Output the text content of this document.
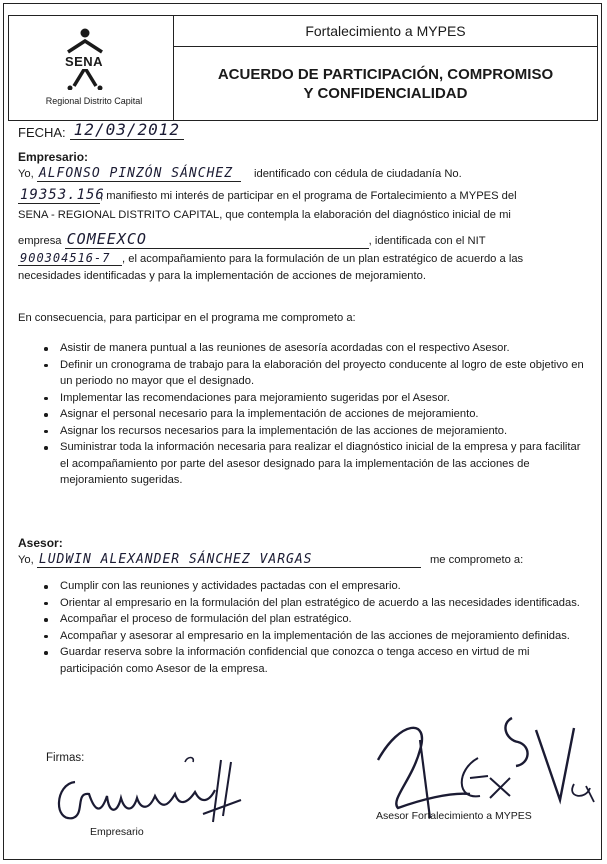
SENA
Regional Distrito Capital
Fortalecimiento a MYPES
ACUERDO DE PARTICIPACIÓN, COMPROMISO
Y CONFIDENCIALIDAD
FECHA: 12/03/2012
Empresario:
Yo, ALFONSO PINZÓN SÁNCHEZ identificado con cédula de ciudadanía No.
19353.156, manifiesto mi interés de participar en el programa de Fortalecimiento a MYPES del
SENA - REGIONAL DISTRITO CAPITAL, que contempla la elaboración del diagnóstico inicial de mi
empresa COMEEXCO	, identificada con el NIT
900304516-7 , el acompañamiento para la formulación de un plan estratégico de acuerdo a las
necesidades identificadas y para la implementación de acciones de mejoramiento.
En consecuencia, para participar en el programa me comprometo a:
Asistir de manera puntual a las reuniones de asesoría acordadas con el respectivo Asesor.
Definir un cronograma de trabajo para la elaboración del proyecto conducente al logro de este objetivo en un periodo no mayor que el designado.
Implementar las recomendaciones para mejoramiento sugeridas por el Asesor.
Asignar el personal necesario para la implementación de acciones de mejoramiento.
Asignar los recursos necesarios para la implementación de las acciones de mejoramiento.
Suministrar toda la información necesaria para realizar el diagnóstico inicial de la empresa y para facilitar el acompañamiento por parte del asesor designado para la implementación de las acciones de mejoramiento sugeridas.
Asesor:
Yo, LUDWIN ALEXANDER SÁNCHEZ VARGAS	me comprometo a:
Cumplir con las reuniones y actividades pactadas con el empresario.
Orientar al empresario en la formulación del plan estratégico de acuerdo a las necesidades identificadas.
Acompañar el proceso de formulación del plan estratégico.
Acompañar y asesorar al empresario en la implementación de las acciones de mejoramiento definidas.
Guardar reserva sobre la información confidencial que conozca o tenga acceso en virtud de mi participación como Asesor de la empresa.
Firmas:
Empresario
Asesor Fortalecimiento a MYPES
